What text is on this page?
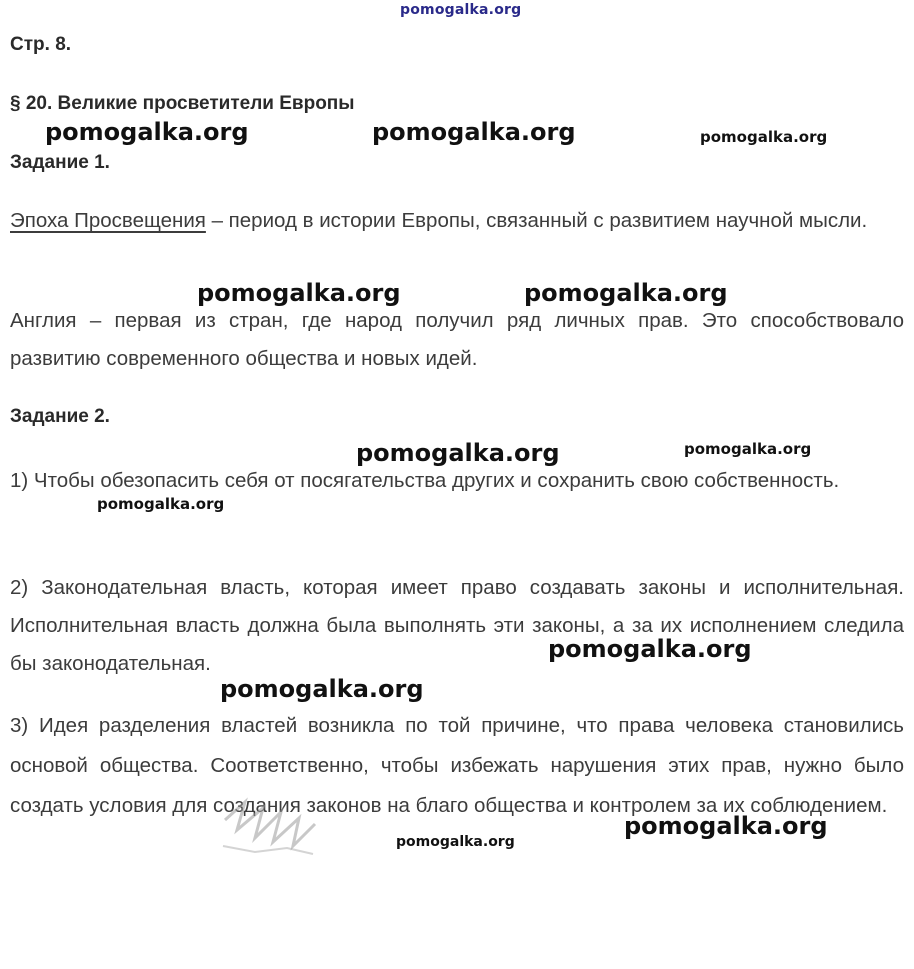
pomogalka.org
Стр. 8.
§ 20. Великие просветители Европы
Задание 1.
Эпоха Просвещения – период в истории Европы, связанный с развитием научной мысли.
Англия – первая из стран, где народ получил ряд личных прав. Это способствовало развитию современного общества и новых идей.
Задание 2.
1) Чтобы обезопасить себя от посягательства других и сохранить свою собственность.
2) Законодательная власть, которая имеет право создавать законы и исполнительная. Исполнительная власть должна была выполнять эти законы, а за их исполнением следила бы законодательная.
3) Идея разделения властей возникла по той причине, что права человека становились основой общества. Соответственно, чтобы избежать нарушения этих прав, нужно было создать условия для создания законов на благо общества и контролем за их соблюдением.
pomogalka.org	pomogalka.org	pomogalka.org
pomogalka.org	pomogalka.org
pomogalka.org	pomogalka.org
pomogalka.org
pomogalka.org
pomogalka.org
pomogalka.org
pomogalka.org
